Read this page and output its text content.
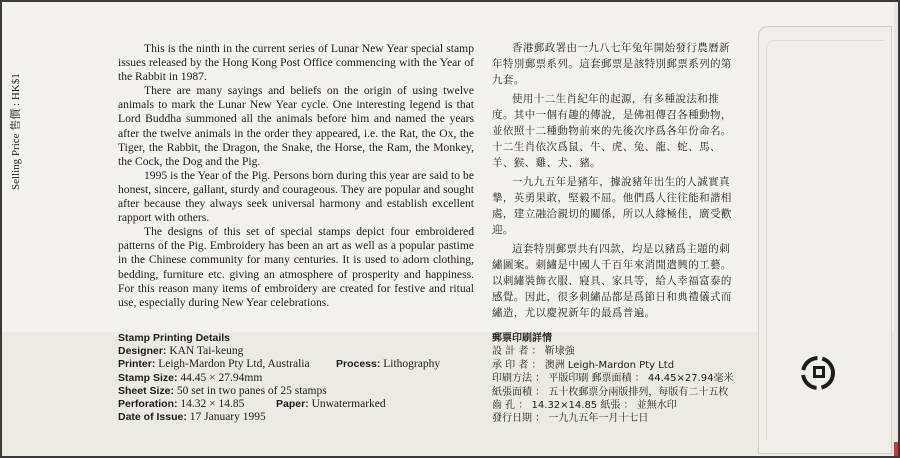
Selling Price 售價 : HK$1

This is the ninth in the current series of Lunar New Year special stamp issues released by the Hong Kong Post Office commencing with the Year of the Rabbit in 1987.

There are many sayings and beliefs on the origin of using twelve animals to mark the Lunar New Year cycle. One interesting legend is that Lord Buddha summoned all the animals before him and named the years after the twelve animals in the order they appeared, i.e. the Rat, the Ox, the Tiger, the Rabbit, the Dragon, the Snake, the Horse, the Ram, the Monkey, the Cock, the Dog and the Pig.

1995 is the Year of the Pig. Persons born during this year are said to be honest, sincere, gallant, sturdy and courageous. They are popular and sought after because they always seek universal harmony and establish excellent rapport with others.

The designs of this set of special stamps depict four embroidered patterns of the Pig. Embroidery has been an art as well as a popular pastime in the Chinese community for many centuries. It is used to adorn clothing, bedding, furniture etc. giving an atmosphere of prosperity and happiness. For this reason many items of embroidery are created for festive and ritual use, especially during New Year celebrations.

香港郵政署由一九八七年兔年開始發行農曆新年特別郵票系列。這套郵票是該特別郵票系列的第九套。

使用十二生肖紀年的起源，有多種說法和推度。其中一個有趣的傳說，是佛祖傳召各種動物，並依照十二種動物前來的先後次序爲各年份命名。十二生肖依次爲鼠、牛、虎、兔、龍、蛇、馬、羊、猴、雞、犬、豬。

一九九五年是豬年，據說豬年出生的人誠實真摯，英勇果敢，堅毅不屈。他們爲人往往能和諧相處，建立融洽親切的關係，所以人緣極佳，廣受歡迎。

這套特別郵票共有四款，均是以豬爲主題的刺繡圖案。刺繡是中國人千百年來消閒遣興的工藝。以刺繡裝飾衣服、寢具、家具等，給人幸福富泰的感覺。因此，很多刺繡品都是爲節日和典禮儀式而繡造，尤以慶祝新年的最爲普遍。

Stamp Printing Details
Designer: KAN Tai-keung
Printer: Leigh-Mardon Pty Ltd, Australia	Process: Lithography
Stamp Size: 44.45 × 27.94mm
Sheet Size: 50 set in two panes of 25 stamps
Perforation: 14.32 × 14.85	Paper: Unwatermarked
Date of Issue: 17 January 1995
郵票印刷詳情
設 計 者 ： 靳埭強
承 印 者 ： 澳洲 Leigh-Mardon Pty Ltd
印刷方法 ： 平版印刷 郵票面積 ： 44.45×27.94毫米
紙張面積 ： 五十枚郵票分兩版排列，每版有二十五枚
齒 孔 ： 14.32×14.85 紙張 ： 並無水印
發行日期 ： 一九九五年一月十七日
